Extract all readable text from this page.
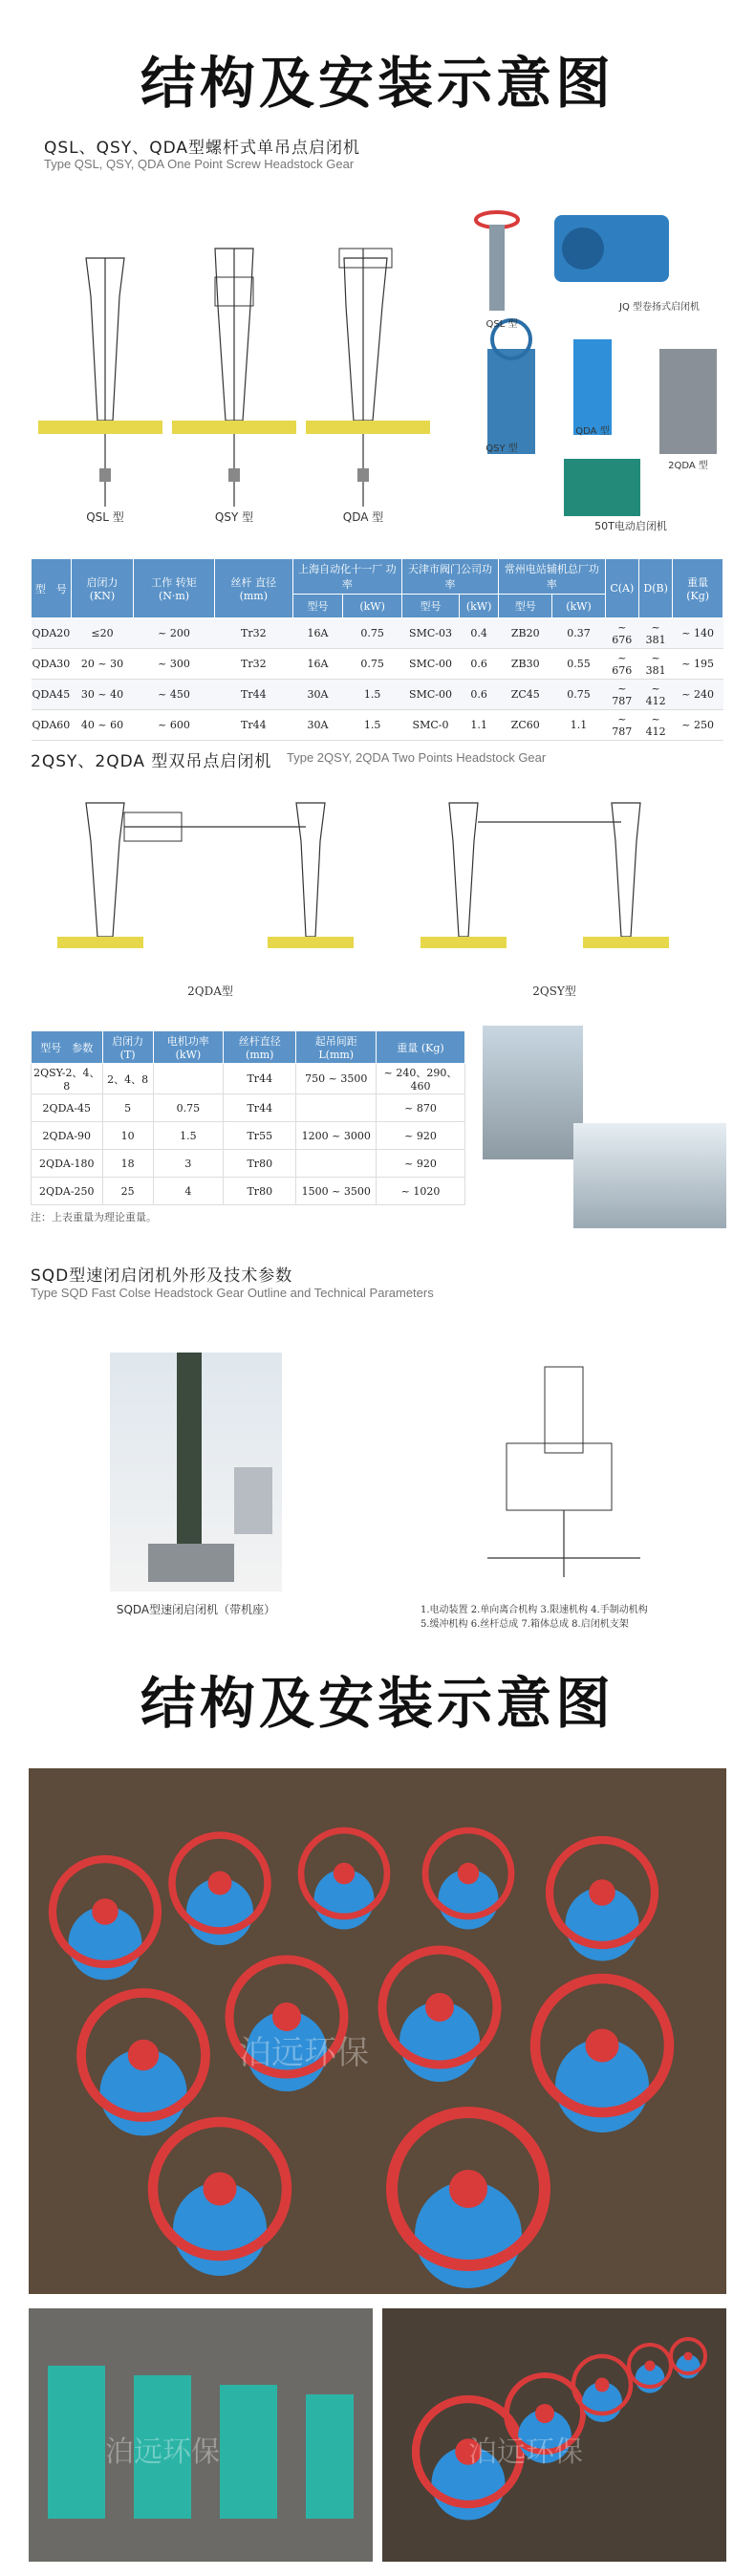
结构及安装示意图
QSL、QSY、QDA型螺杆式单吊点启闭机
Type QSL, QSY, QDA One Point Screw Headstock Gear
QSL 型	QSY 型	QDA 型
QSL 型
JQ 型卷扬式启闭机
QSY 型
QDA 型
2QDA 型
50T电动启闭机
型　号	启闭力 (KN)	工作 转矩 (N·m)	丝杆 直径 (mm)	上海自动化十一厂 功率		天津市阀门公司功率		常州电站辅机总厂功率		C(A)	D(B)	重量 (Kg)
				型号	(kW)	型号	(kW)	型号	(kW)			
QDA20	≤20	~ 200	Tr32	16A	0.75	SMC-03	0.4	ZB20	0.37	~ 676	~ 381	~ 140
QDA30	20 ~ 30	~ 300	Tr32	16A	0.75	SMC-00	0.6	ZB30	0.55	~ 676	~ 381	~ 195
QDA45	30 ~ 40	~ 450	Tr44	30A	1.5	SMC-00	0.6	ZC45	0.75	~ 787	~ 412	~ 240
QDA60	40 ~ 60	~ 600	Tr44	30A	1.5	SMC-0	1.1	ZC60	1.1	~ 787	~ 412	~ 250
2QSY、2QDA 型双吊点启闭机 Type 2QSY, 2QDA Two Points Headstock Gear
2QDA型	2QSY型
型号　参数	启闭力 (T)	电机功率 (kW)	丝杆直径 (mm)	起吊间距 L(mm)	重量 (Kg)
2QSY-2、4、8	2、4、8		Tr44	750 ~ 3500	~ 240、290、460
2QDA-45	5	0.75	Tr44		~ 870
2QDA-90	10	1.5	Tr55	1200 ~ 3000	~ 920
2QDA-180	18	3	Tr80		~ 920
2QDA-250	25	4	Tr80	1500 ~ 3500	~ 1020
注：上表重量为理论重量。
SQD型速闭启闭机外形及技术参数
Type SQD Fast Colse Headstock Gear Outline and Technical Parameters
SQDA型速闭启闭机（带机座）	1.电动装置 2.单向离合机构 3.限速机构 4.手制动机构
5.缓冲机构 6.丝杆总成 7.箱体总成 8.启闭机支架
结构及安装示意图
泊远环保
泊远环保	泊远环保
